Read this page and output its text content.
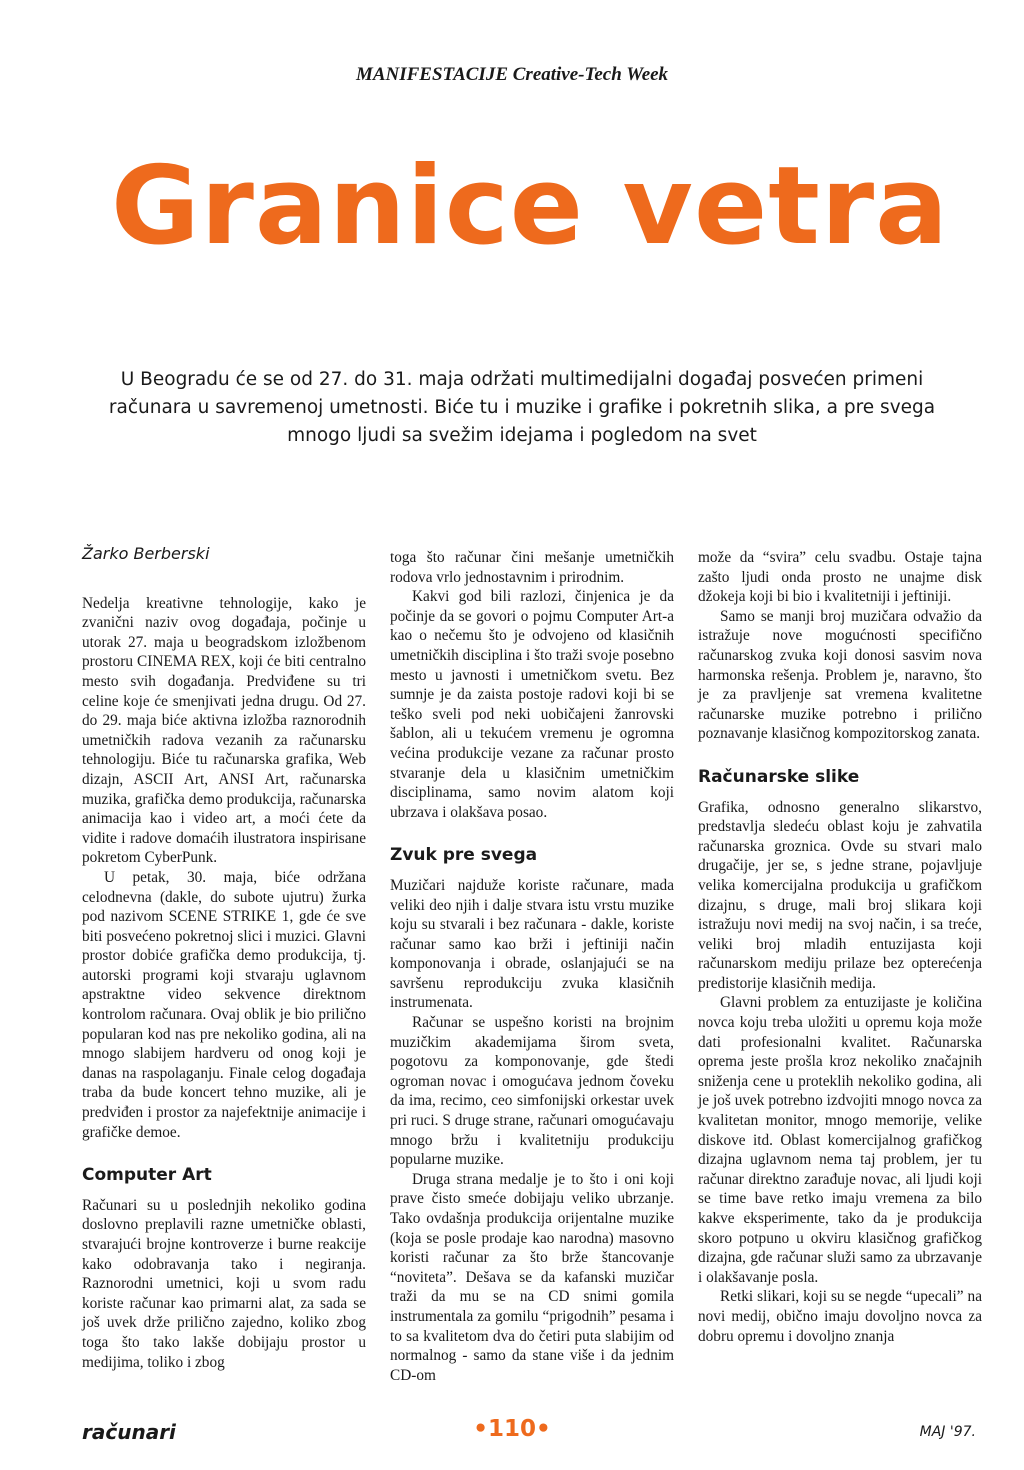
MANIFESTACIJE Creative-Tech Week
Granice vetra
U Beogradu će se od 27. do 31. maja održati multimedijalni događaj posvećen primeni računara u savremenoj umetnosti. Biće tu i muzike i grafike i pokretnih slika, a pre svega mnogo ljudi sa svežim idejama i pogledom na svet
Žarko Berberski

Nedelja kreativne tehnologije, kako je zvanični naziv ovog događaja, počinje u utorak 27. maja u beogradskom izložbenom prostoru CINEMA REX, koji će biti centralno mesto svih događanja. Predviđene su tri celine koje će smenjivati jedna drugu. Od 27. do 29. maja biće aktivna izložba raznorodnih umetničkih radova vezanih za računarsku tehnologiju. Biće tu računarska grafika, Web dizajn, ASCII Art, ANSI Art, računarska muzika, grafička demo produkcija, računarska animacija kao i video art, a moći ćete da vidite i radove domaćih ilustratora inspirisane pokretom CyberPunk.

U petak, 30. maja, biće održana celodnevna (dakle, do subote ujutru) žurka pod nazivom SCENE STRIKE 1, gde će sve biti posvećeno pokretnoj slici i muzici. Glavni prostor dobiće grafička demo produkcija, tj. autorski programi koji stvaraju uglavnom apstraktne video sekvence direktnom kontrolom računara. Ovaj oblik je bio prilično popularan kod nas pre nekoliko godina, ali na mnogo slabijem hardveru od onog koji je danas na raspolaganju. Finale celog događaja traba da bude koncert tehno muzike, ali je predviđen i prostor za najefektnije animacije i grafičke demoe.

Computer Art

Računari su u poslednjih nekoliko godina doslovno preplavili razne umetničke oblasti, stvarajući brojne kontroverze i burne reakcije kako odobravanja tako i negiranja. Raznorodni umetnici, koji u svom radu koriste računar kao primarni alat, za sada se još uvek drže prilično zajedno, koliko zbog toga što tako lakše dobijaju prostor u medijima, toliko i zbog

toga što računar čini mešanje umetničkih rodova vrlo jednostavnim i prirodnim.

Kakvi god bili razlozi, činjenica je da počinje da se govori o pojmu Computer Art-a kao o nečemu što je odvojeno od klasičnih umetničkih disciplina i što traži svoje posebno mesto u javnosti i umetničkom svetu. Bez sumnje je da zaista postoje radovi koji bi se teško sveli pod neki uobičajeni žanrovski šablon, ali u tekućem vremenu je ogromna većina produkcije vezane za računar prosto stvaranje dela u klasičnim umetničkim disciplinama, samo novim alatom koji ubrzava i olakšava posao.

Zvuk pre svega

Muzičari najduže koriste računare, mada veliki deo njih i dalje stvara istu vrstu muzike koju su stvarali i bez računara - dakle, koriste računar samo kao brži i jeftiniji način komponovanja i obrade, oslanjajući se na savršenu reprodukciju zvuka klasičnih instrumenata.

Računar se uspešno koristi na brojnim muzičkim akademijama širom sveta, pogotovu za komponovanje, gde štedi ogroman novac i omogućava jednom čoveku da ima, recimo, ceo simfonijski orkestar uvek pri ruci. S druge strane, računari omogućavaju mnogo bržu i kvalitetniju produkciju popularne muzike.

Druga strana medalje je to što i oni koji prave čisto smeće dobijaju veliko ubrzanje. Tako ovdašnja produkcija orijentalne muzike (koja se posle prodaje kao narodna) masovno koristi računar za što brže štancovanje “noviteta”. Dešava se da kafanski muzičar traži da mu se na CD snimi gomila instrumentala za gomilu “prigodnih” pesama i to sa kvalitetom dva do četiri puta slabijim od normalnog - samo da stane više i da jednim CD-om

može da “svira” celu svadbu. Ostaje tajna zašto ljudi onda prosto ne unajme disk džokeja koji bi bio i kvalitetniji i jeftiniji.

Samo se manji broj muzičara odvažio da istražuje nove mogućnosti specifično računarskog zvuka koji donosi sasvim nova harmonska rešenja. Problem je, naravno, što je za pravljenje sat vremena kvalitetne računarske muzike potrebno i prilično poznavanje klasičnog kompozitorskog zanata.

Računarske slike

Grafika, odnosno generalno slikarstvo, predstavlja sledeću oblast koju je zahvatila računarska groznica. Ovde su stvari malo drugačije, jer se, s jedne strane, pojavljuje velika komercijalna produkcija u grafičkom dizajnu, s druge, mali broj slikara koji istražuju novi medij na svoj način, i sa treće, veliki broj mladih entuzijasta koji računarskom mediju prilaze bez opterećenja predistorije klasičnih medija.

Glavni problem za entuzijaste je količina novca koju treba uložiti u opremu koja može dati profesionalni kvalitet. Računarska oprema jeste prošla kroz nekoliko značajnih sniženja cene u proteklih nekoliko godina, ali je još uvek potrebno izdvojiti mnogo novca za kvalitetan monitor, mnogo memorije, velike diskove itd. Oblast komercijalnog grafičkog dizajna uglavnom nema taj problem, jer tu računar direktno zarađuje novac, ali ljudi koji se time bave retko imaju vremena za bilo kakve eksperimente, tako da je produkcija skoro potpuno u okviru klasičnog grafičkog dizajna, gde računar služi samo za ubrzavanje i olakšavanje posla.

Retki slikari, koji su se negde “upecali” na novi medij, obično imaju dovoljno novca za dobru opremu i dovoljno znanja

računari	•110•	MAJ '97.
